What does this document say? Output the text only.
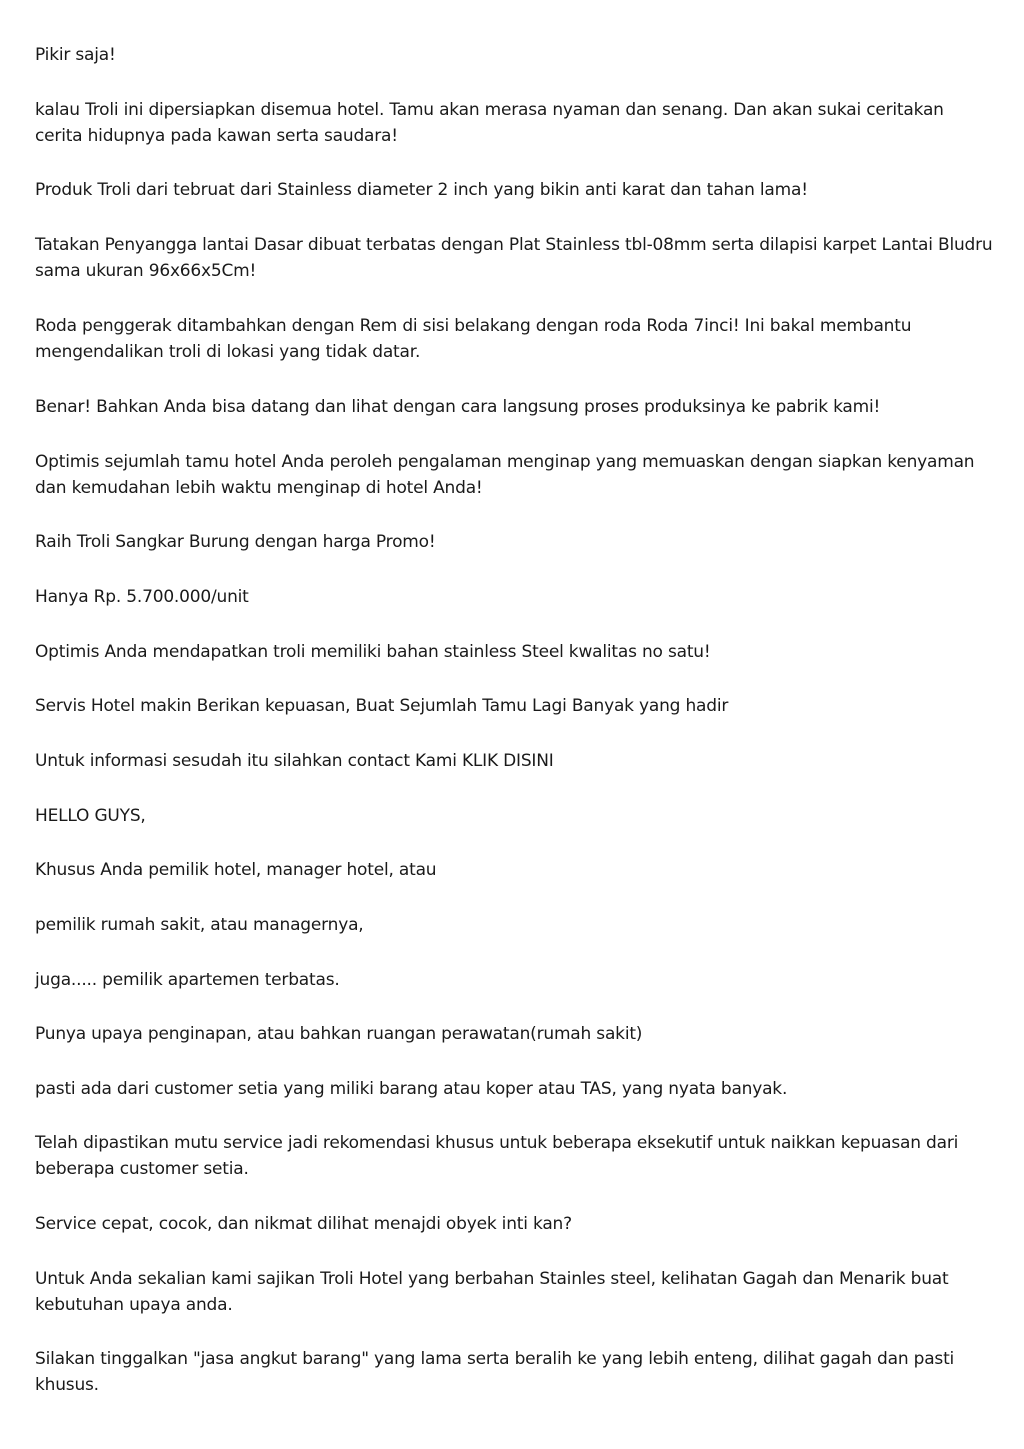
Pikir saja!

kalau Troli ini dipersiapkan disemua hotel. Tamu akan merasa nyaman dan senang. Dan akan sukai ceritakan cerita hidupnya pada kawan serta saudara!

Produk Troli dari tebruat dari Stainless diameter 2 inch yang bikin anti karat dan tahan lama!

Tatakan Penyangga lantai Dasar dibuat terbatas dengan Plat Stainless tbl-08mm serta dilapisi karpet Lantai Bludru sama ukuran 96x66x5Cm!

Roda penggerak ditambahkan dengan Rem di sisi belakang dengan roda Roda 7inci! Ini bakal membantu mengendalikan troli di lokasi yang tidak datar.

Benar! Bahkan Anda bisa datang dan lihat dengan cara langsung proses produksinya ke pabrik kami!

Optimis sejumlah tamu hotel Anda peroleh pengalaman menginap yang memuaskan dengan siapkan kenyaman dan kemudahan lebih waktu menginap di hotel Anda!

Raih Troli Sangkar Burung dengan harga Promo!

Hanya Rp. 5.700.000/unit

Optimis Anda mendapatkan troli memiliki bahan stainless Steel kwalitas no satu!

Servis Hotel makin Berikan kepuasan, Buat Sejumlah Tamu Lagi Banyak yang hadir

Untuk informasi sesudah itu silahkan contact Kami KLIK DISINI

HELLO GUYS,

Khusus Anda pemilik hotel, manager hotel, atau

pemilik rumah sakit, atau managernya,

juga..... pemilik apartemen terbatas.

Punya upaya penginapan, atau bahkan ruangan perawatan(rumah sakit)

pasti ada dari customer setia yang miliki barang atau koper atau TAS, yang nyata banyak.

Telah dipastikan mutu service jadi rekomendasi khusus untuk beberapa eksekutif untuk naikkan kepuasan dari beberapa customer setia.

Service cepat, cocok, dan nikmat dilihat menajdi obyek inti kan?

Untuk Anda sekalian kami sajikan Troli Hotel yang berbahan Stainles steel, kelihatan Gagah dan Menarik buat kebutuhan upaya anda.

Silakan tinggalkan "jasa angkut barang" yang lama serta beralih ke yang lebih enteng, dilihat gagah dan pasti khusus.
